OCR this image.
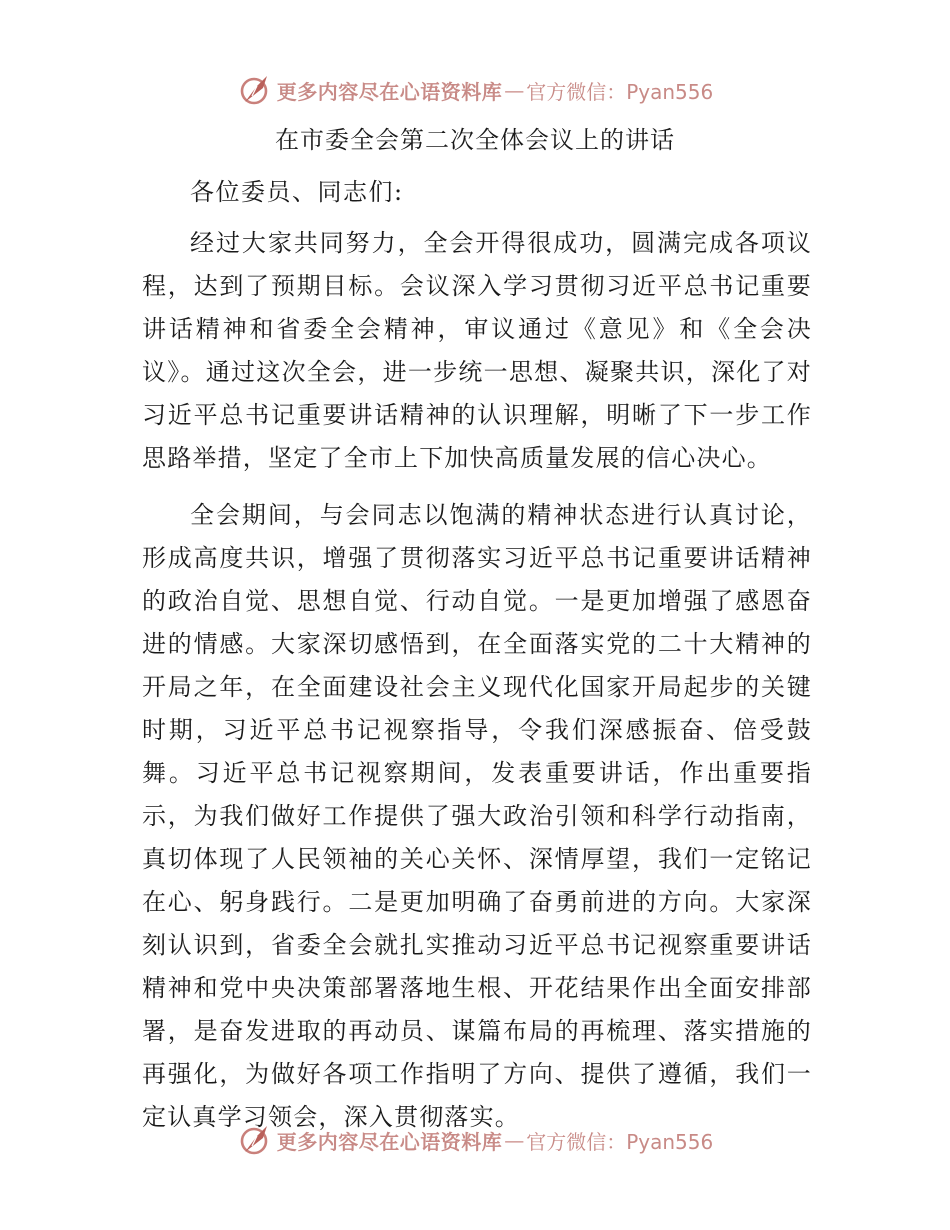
更多内容尽在心语资料库 — 官方微信：Pyan556
在市委全会第二次全体会议上的讲话
各位委员、同志们:

经过大家共同努力，全会开得很成功，圆满完成各项议程，达到了预期目标。会议深入学习贯彻习近平总书记重要讲话精神和省委全会精神，审议通过《意见》和《全会决议》。通过这次全会，进一步统一思想、凝聚共识，深化了对习近平总书记重要讲话精神的认识理解，明晰了下一步工作思路举措，坚定了全市上下加快高质量发展的信心决心。

全会期间，与会同志以饱满的精神状态进行认真讨论，形成高度共识，增强了贯彻落实习近平总书记重要讲话精神的政治自觉、思想自觉、行动自觉。一是更加增强了感恩奋进的情感。大家深切感悟到，在全面落实党的二十大精神的开局之年，在全面建设社会主义现代化国家开局起步的关键时期，习近平总书记视察指导，令我们深感振奋、倍受鼓舞。习近平总书记视察期间，发表重要讲话，作出重要指示，为我们做好工作提供了强大政治引领和科学行动指南，真切体现了人民领袖的关心关怀、深情厚望，我们一定铭记在心、躬身践行。二是更加明确了奋勇前进的方向。大家深刻认识到，省委全会就扎实推动习近平总书记视察重要讲话精神和党中央决策部署落地生根、开花结果作出全面安排部署，是奋发进取的再动员、谋篇布局的再梳理、落实措施的再强化，为做好各项工作指明了方向、提供了遵循，我们一定认真学习领会，深入贯彻落实。

更多内容尽在心语资料库 — 官方微信：Pyan556
